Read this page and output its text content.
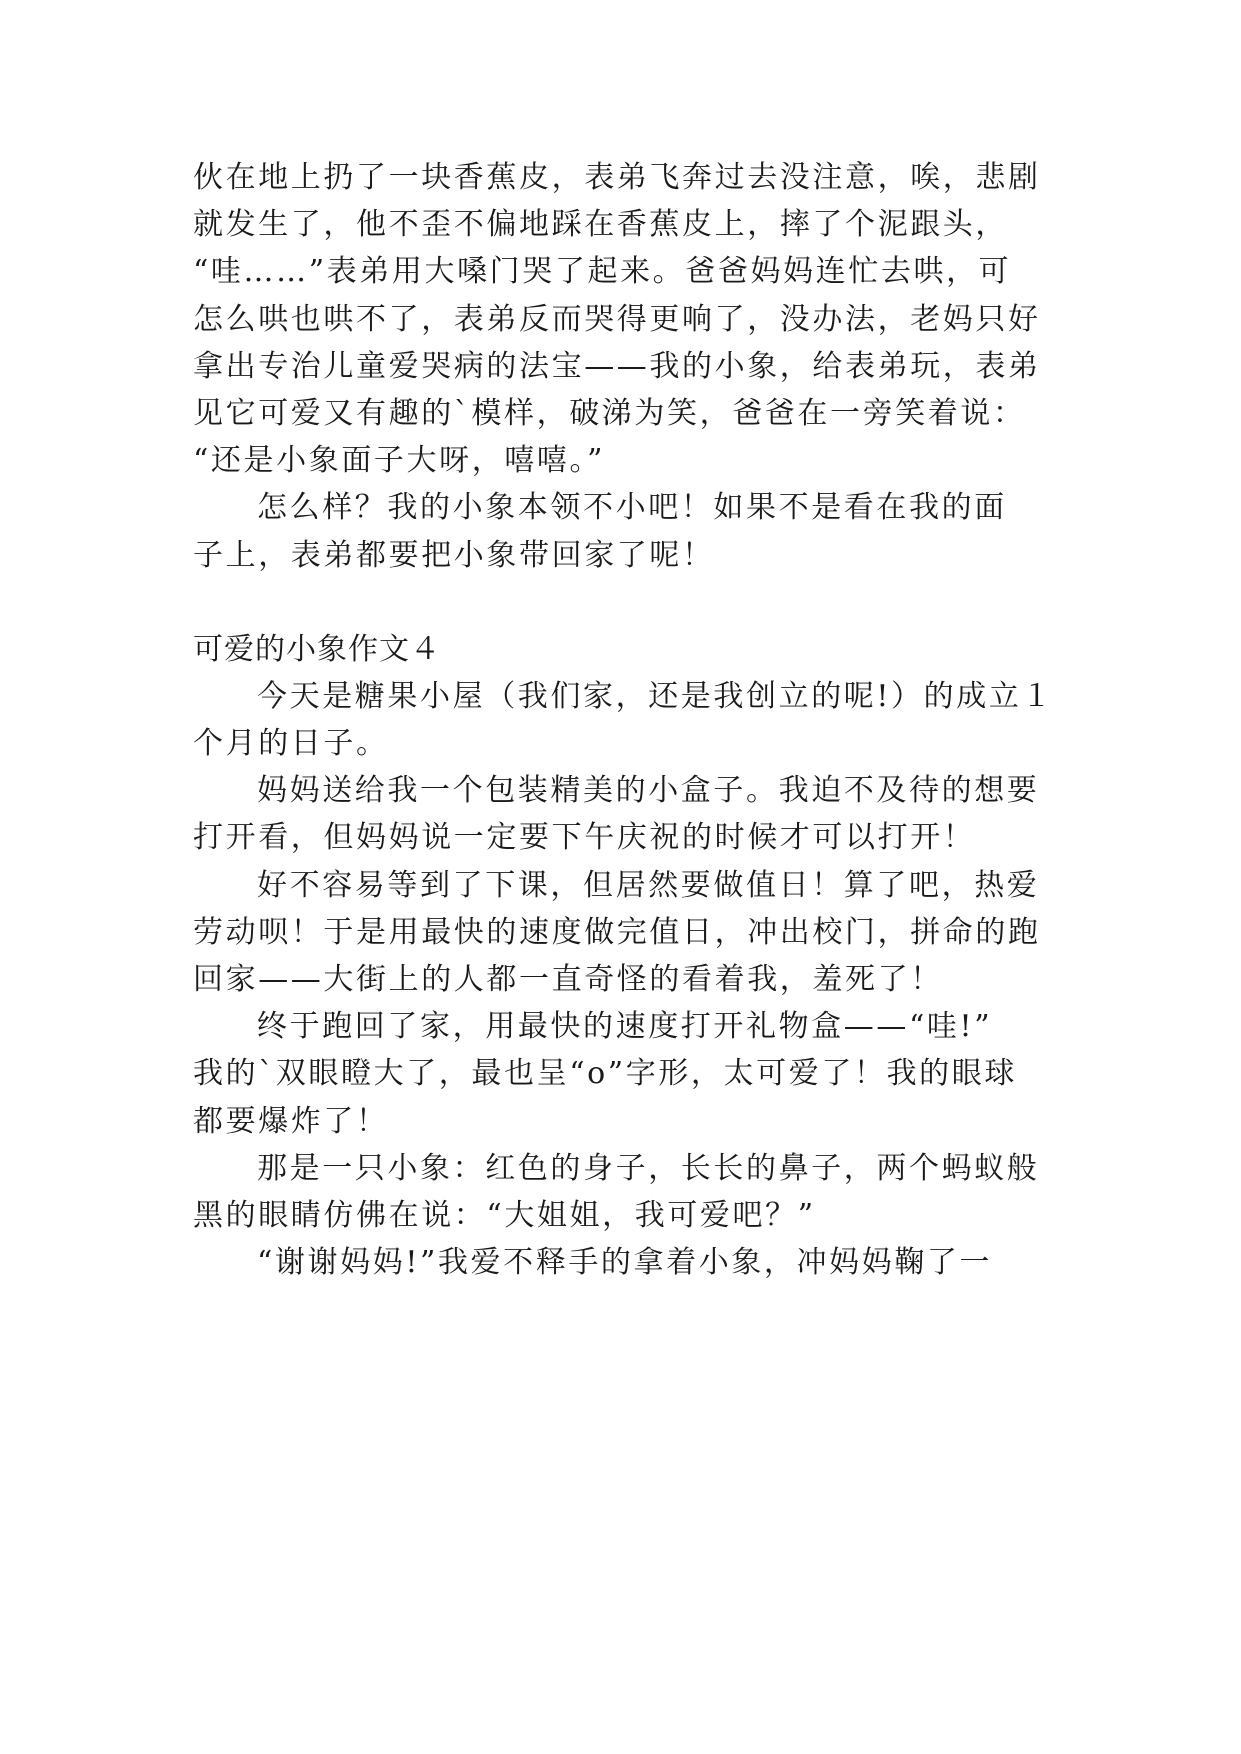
伙在地上扔了一块香蕉皮，表弟飞奔过去没注意，唉，悲剧
就发生了，他不歪不偏地踩在香蕉皮上，摔了个泥跟头，
“哇……”表弟用大嗓门哭了起来。爸爸妈妈连忙去哄，可
怎么哄也哄不了，表弟反而哭得更响了，没办法，老妈只好
拿出专治儿童爱哭病的法宝——我的小象，给表弟玩，表弟
见它可爱又有趣的`模样，破涕为笑，爸爸在一旁笑着说：
“还是小象面子大呀，嘻嘻。”
怎么样？我的小象本领不小吧！如果不是看在我的面
子上，表弟都要把小象带回家了呢！
可爱的小象作文４
今天是糖果小屋（我们家，还是我创立的呢!）的成立１
个月的日子。
妈妈送给我一个包装精美的小盒子。我迫不及待的想要
打开看，但妈妈说一定要下午庆祝的时候才可以打开！
好不容易等到了下课，但居然要做值日！算了吧，热爱
劳动呗！于是用最快的速度做完值日，冲出校门，拼命的跑
回家——大街上的人都一直奇怪的看着我，羞死了！
终于跑回了家，用最快的速度打开礼物盒——“哇!”
我的`双眼瞪大了，最也呈“o”字形，太可爱了！我的眼球
都要爆炸了！
那是一只小象：红色的身子，长长的鼻子，两个蚂蚁般
黑的眼睛仿佛在说：“大姐姐，我可爱吧？”
“谢谢妈妈!”我爱不释手的拿着小象，冲妈妈鞠了一
